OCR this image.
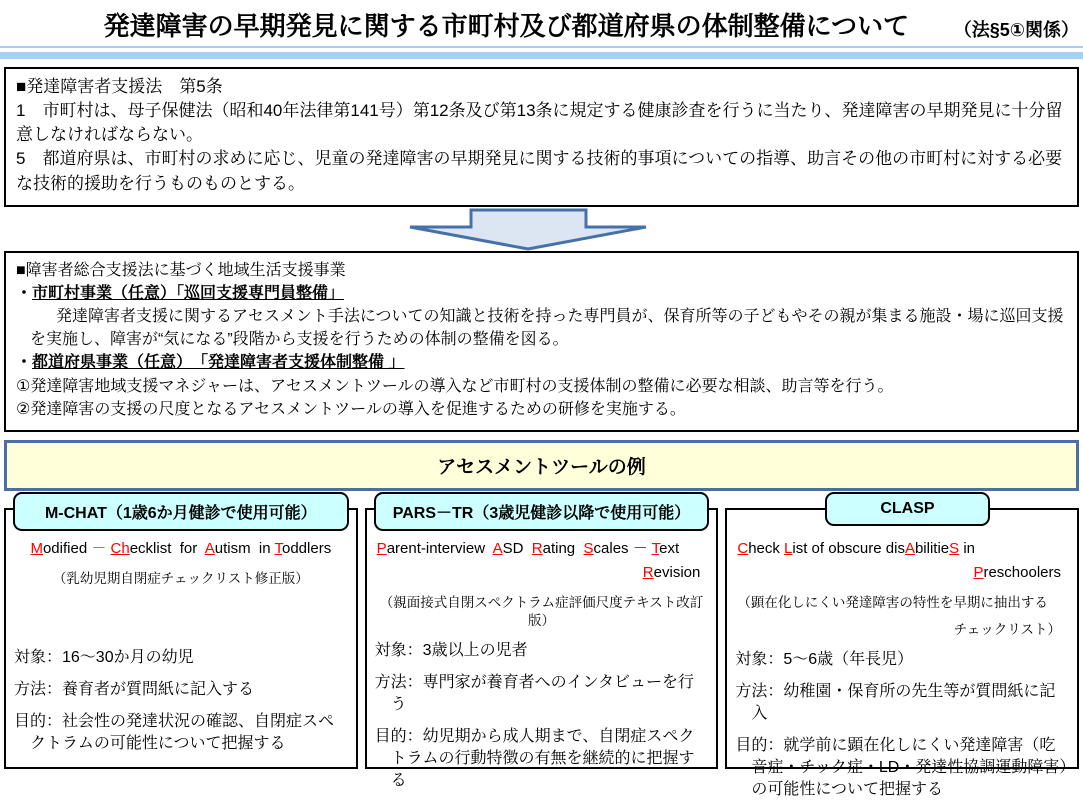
発達障害の早期発見に関する市町村及び都道府県の体制整備について	（法§5①関係）
■発達障害者支援法　第5条
1　市町村は、母子保健法（昭和40年法律第141号）第12条及び第13条に規定する健康診査を行うに当たり、発達障害の早期発見に十分留意しなければならない。
5　都道府県は、市町村の求めに応じ、児童の発達障害の早期発見に関する技術的事項についての指導、助言その他の市町村に対する必要な技術的援助を行うものものとする。
■障害者総合支援法に基づく地域生活支援事業
・市町村事業（任意）「巡回支援専門員整備」
発達障害者支援に関するアセスメント手法についての知識と技術を持った専門員が、保育所等の子どもやその親が集まる施設・場に巡回支援を実施し、障害が“気になる”段階から支援を行うための体制の整備を図る。
・都道府県事業（任意）　「発達障害者支援体制整備 」
①発達障害地域支援マネジャーは、アセスメントツールの導入など市町村の支援体制の整備に必要な相談、助言等を行う。
②発達障害の支援の尺度となるアセスメントツールの導入を促進するための研修を実施する。
アセスメントツールの例
M-CHAT（1歳6か月健診で使用可能）
Modified － Checklist  for  Autism  in Toddlers
（乳幼児期自閉症チェックリスト修正版）
対象：16～30か月の幼児
方法：養育者が質問紙に記入する
目的：社会性の発達状況の確認、自閉症スペクトラムの可能性について把握する
PARS－TR（3歳児健診以降で使用可能）
Parent-interview  ASD  Rating  Scales － Text
Revision
（親面接式自閉スペクトラム症評価尺度テキスト改訂版）
対象：3歳以上の児者
方法：専門家が養育者へのインタビューを行う
目的：幼児期から成人期まで、自閉症スペクトラムの行動特徴の有無を継続的に把握する
CLASP
Check List of obscure disAbilitieS in
Preschoolers
（顕在化しにくい発達障害の特性を早期に抽出する
チェックリスト）
対象：5～6歳（年長児）
方法：幼稚園・保育所の先生等が質問紙に記入
目的：就学前に顕在化しにくい発達障害（吃音症・チック症・LD・発達性協調運動障害）の可能性について把握する
